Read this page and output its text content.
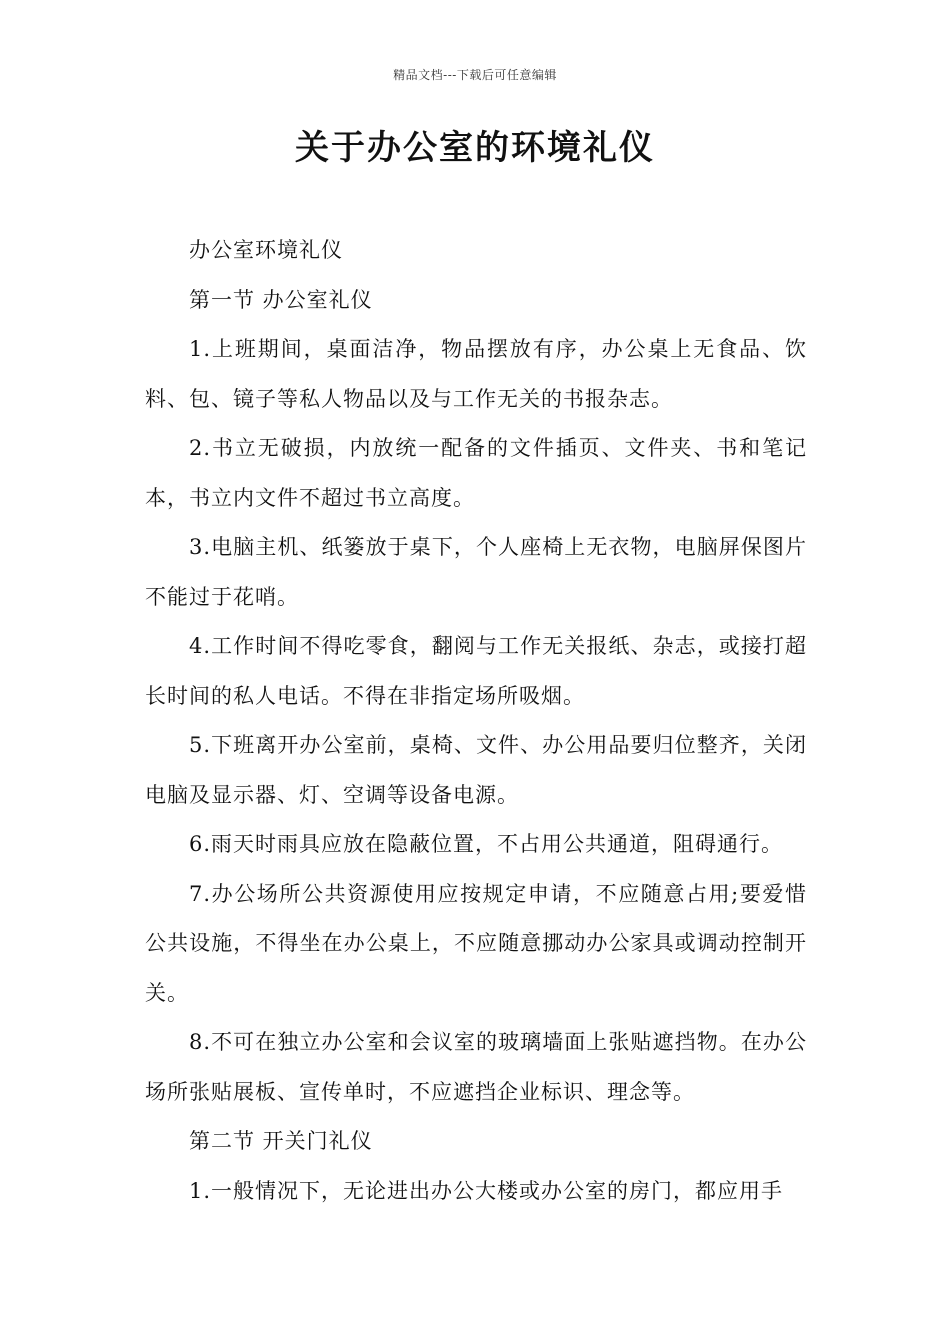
精品文档---下载后可任意编辑
关于办公室的环境礼仪

办公室环境礼仪

第一节 办公室礼仪

1.上班期间，桌面洁净，物品摆放有序，办公桌上无食品、饮料、包、镜子等私人物品以及与工作无关的书报杂志。

2.书立无破损，内放统一配备的文件插页、文件夹、书和笔记本，书立内文件不超过书立高度。

3.电脑主机、纸篓放于桌下，个人座椅上无衣物，电脑屏保图片不能过于花哨。

4.工作时间不得吃零食，翻阅与工作无关报纸、杂志，或接打超长时间的私人电话。不得在非指定场所吸烟。

5.下班离开办公室前，桌椅、文件、办公用品要归位整齐，关闭电脑及显示器、灯、空调等设备电源。

6.雨天时雨具应放在隐蔽位置，不占用公共通道，阻碍通行。

7.办公场所公共资源使用应按规定申请，不应随意占用;要爱惜公共设施，不得坐在办公桌上，不应随意挪动办公家具或调动控制开关。

8.不可在独立办公室和会议室的玻璃墙面上张贴遮挡物。在办公场所张贴展板、宣传单时，不应遮挡企业标识、理念等。

第二节 开关门礼仪

1.一般情况下，无论进出办公大楼或办公室的房门，都应用手
